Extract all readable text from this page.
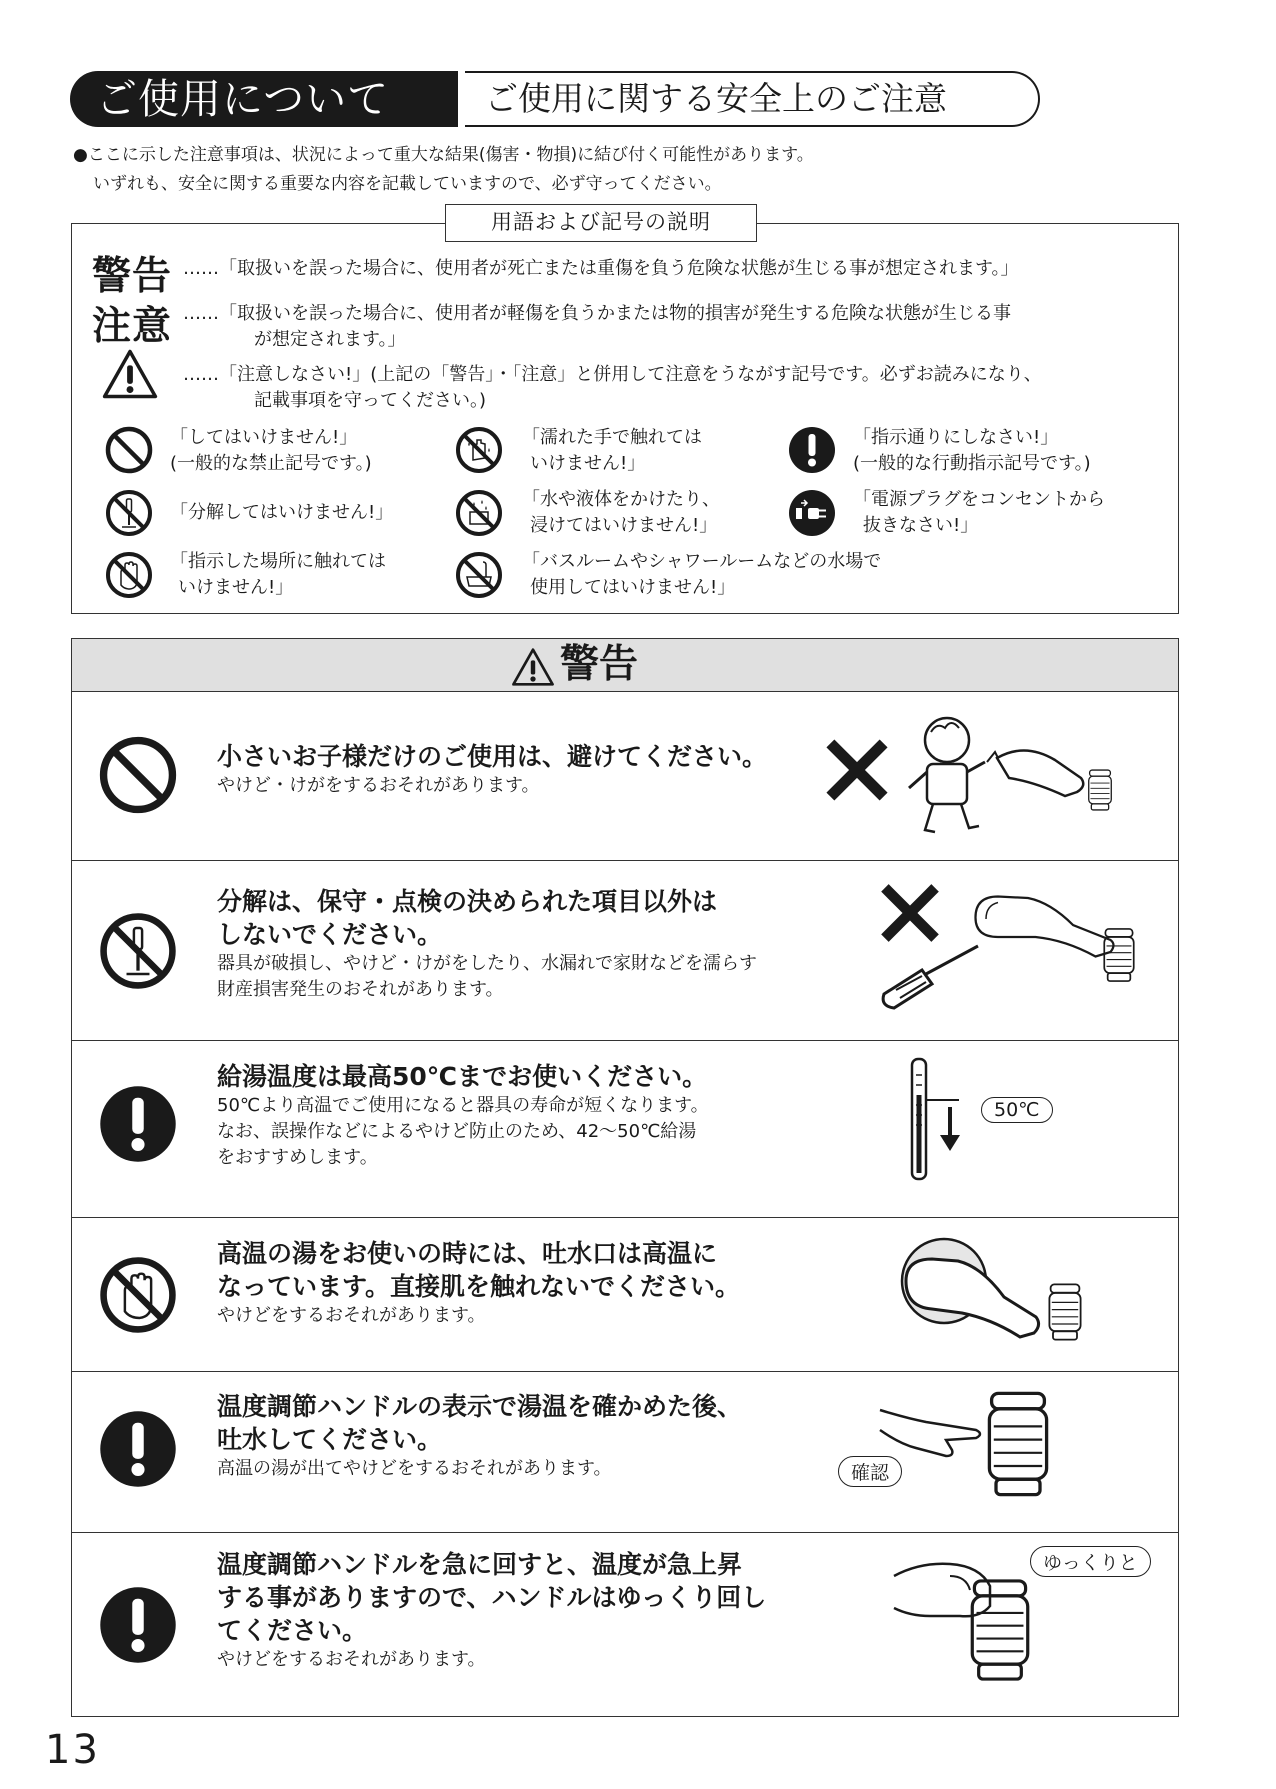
ご使用について	ご使用に関する安全上のご注意
●ここに示した注意事項は、状況によって重大な結果(傷害・物損)に結び付く可能性があります。
いずれも、安全に関する重要な内容を記載していますので、必ず守ってください。
用語および記号の説明
警告 ……「取扱いを誤った場合に、使用者が死亡または重傷を負う危険な状態が生じる事が想定されます。」
注意 ……「取扱いを誤った場合に、使用者が軽傷を負うかまたは物的損害が発生する危険な状態が生じる事
が想定されます。」
……「注意しなさい!」(上記の「警告」・「注意」と併用して注意をうながす記号です。必ずお読みになり、
記載事項を守ってください。)
「してはいけません!」
(一般的な禁止記号です。)
「濡れた手で触れては
いけません!」
「指示通りにしなさい!」
(一般的な行動指示記号です。)
「分解してはいけません!」
「水や液体をかけたり、
浸けてはいけません!」
「電源プラグをコンセントから
抜きなさい!」
「指示した場所に触れては
いけません!」
「バスルームやシャワールームなどの水場で
使用してはいけません!」
警告
小さいお子様だけのご使用は、避けてください。
やけど・けがをするおそれがあります。
分解は、保守・点検の決められた項目以外は
しないでください。
器具が破損し、やけど・けがをしたり、水漏れで家財などを濡らす
財産損害発生のおそれがあります。
給湯温度は最高50℃までお使いください。
50℃より高温でご使用になると器具の寿命が短くなります。
なお、誤操作などによるやけど防止のため、42〜50℃給湯
をおすすめします。
50℃
高温の湯をお使いの時には、吐水口は高温に
なっています。直接肌を触れないでください。
やけどをするおそれがあります。
温度調節ハンドルの表示で湯温を確かめた後、
吐水してください。
高温の湯が出てやけどをするおそれがあります。	確認
温度調節ハンドルを急に回すと、温度が急上昇
する事がありますので、ハンドルはゆっくり回し
てください。
やけどをするおそれがあります。
ゆっくりと
13
